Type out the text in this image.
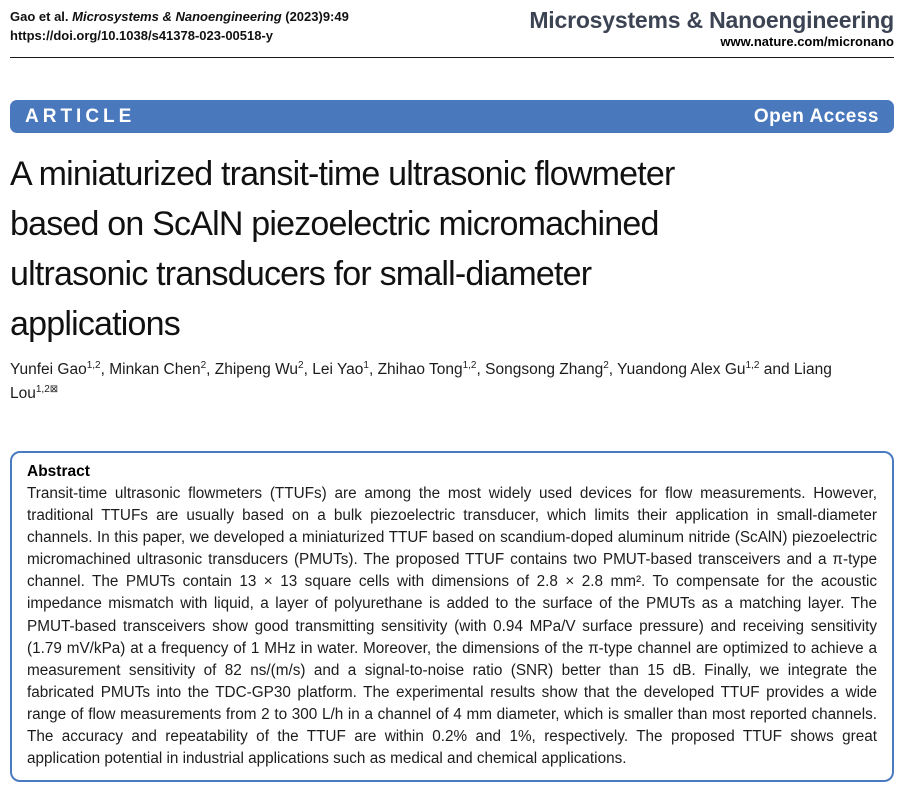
Gao et al. Microsystems & Nanoengineering (2023)9:49
https://doi.org/10.1038/s41378-023-00518-y
Microsystems & Nanoengineering
www.nature.com/micronano
ARTICLE	Open Access
A miniaturized transit-time ultrasonic flowmeter
based on ScAlN piezoelectric micromachined
ultrasonic transducers for small-diameter
applications

Yunfei Gao$^{1,2}$, Minkan Chen$^2$, Zhipeng Wu$^2$, Lei Yao$^1$, Zhihao Tong$^{1,2}$, Songsong Zhang$^2$, Yuandong Alex Gu$^{1,2}$ and Liang Lou$^{1,2⊠}$

Abstract

Transit-time ultrasonic flowmeters (TTUFs) are among the most widely used devices for flow measurements. However, traditional TTUFs are usually based on a bulk piezoelectric transducer, which limits their application in small-diameter channels. In this paper, we developed a miniaturized TTUF based on scandium-doped aluminum nitride (ScAlN) piezoelectric micromachined ultrasonic transducers (PMUTs). The proposed TTUF contains two PMUT-based transceivers and a π-type channel. The PMUTs contain 13 × 13 square cells with dimensions of 2.8 × 2.8 mm². To compensate for the acoustic impedance mismatch with liquid, a layer of polyurethane is added to the surface of the PMUTs as a matching layer. The PMUT-based transceivers show good transmitting sensitivity (with 0.94 MPa/V surface pressure) and receiving sensitivity (1.79 mV/kPa) at a frequency of 1 MHz in water. Moreover, the dimensions of the π-type channel are optimized to achieve a measurement sensitivity of 82 ns/(m/s) and a signal-to-noise ratio (SNR) better than 15 dB. Finally, we integrate the fabricated PMUTs into the TDC-GP30 platform. The experimental results show that the developed TTUF provides a wide range of flow measurements from 2 to 300 L/h in a channel of 4 mm diameter, which is smaller than most reported channels. The accuracy and repeatability of the TTUF are within 0.2% and 1%, respectively. The proposed TTUF shows great application potential in industrial applications such as medical and chemical applications.
